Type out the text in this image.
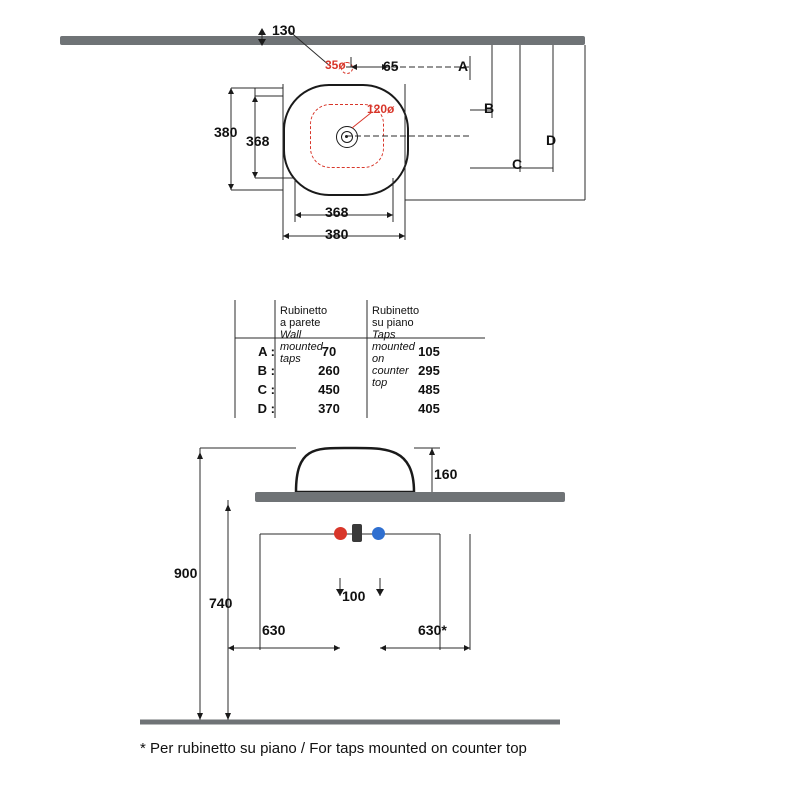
130
35ø	65
120ø
380
368
368
380
A
B
C
D
Rubinetto a parete
Wall mounted taps
Rubinetto su piano
Taps mounted on counter top
A :	70	105
B :	260	295
C :	450	485
D :	370	405
160
900
740	100
630	630*
* Per rubinetto su piano / For taps mounted on counter top
